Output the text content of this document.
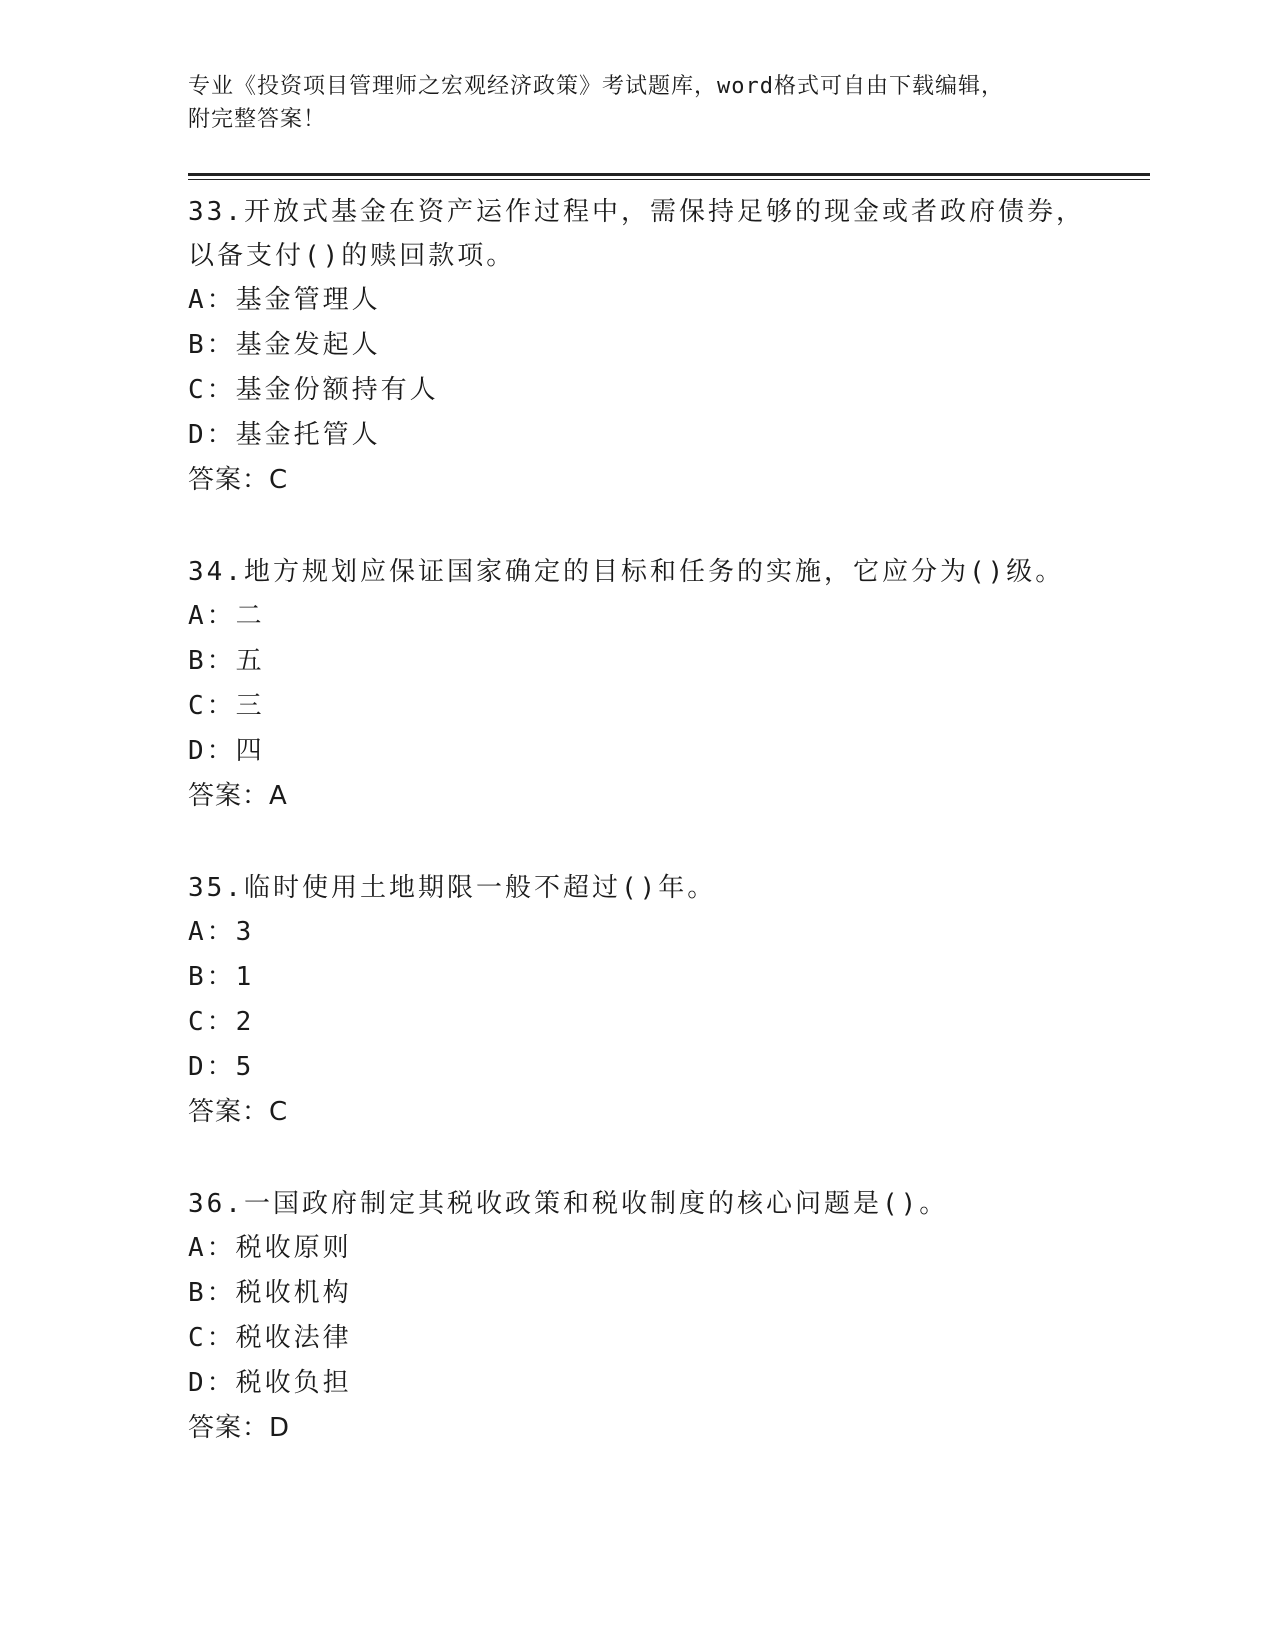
专业《投资项目管理师之宏观经济政策》考试题库，word格式可自由下载编辑，

附完整答案！

33.开放式基金在资产运作过程中，需保持足够的现金或者政府债券，

以备支付()的赎回款项。

A：基金管理人

B：基金发起人

C：基金份额持有人

D：基金托管人

答案：C

34.地方规划应保证国家确定的目标和任务的实施，它应分为()级。

A：二

B：五

C：三

D：四

答案：A

35.临时使用土地期限一般不超过()年。

A：3

B：1

C：2

D：5

答案：C

36.一国政府制定其税收政策和税收制度的核心问题是()。

A：税收原则

B：税收机构

C：税收法律

D：税收负担

答案：D
